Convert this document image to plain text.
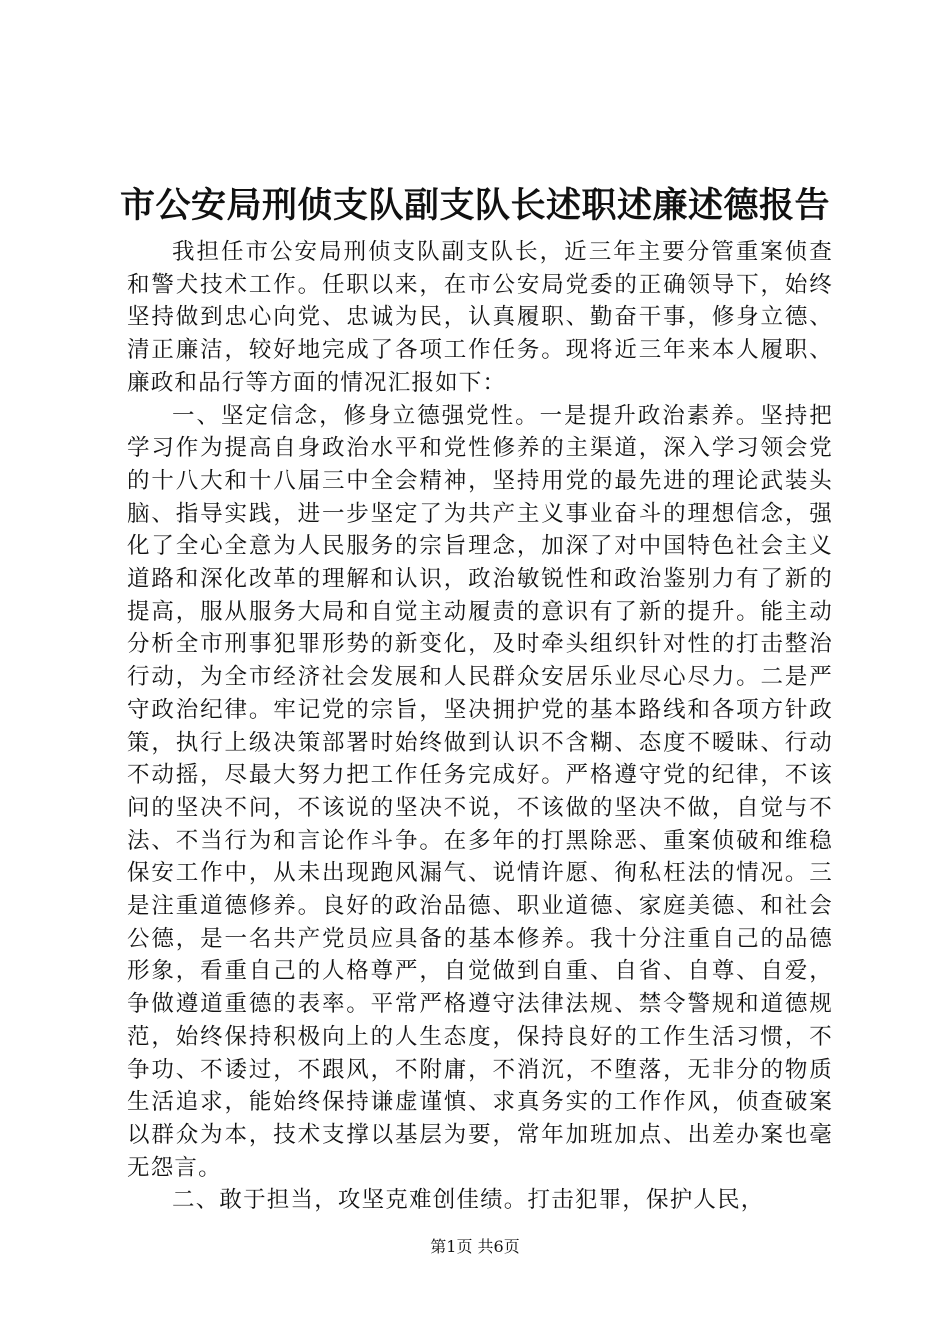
市公安局刑侦支队副支队长述职述廉述德报告

我担任市公安局刑侦支队副支队长，近三年主要分管重案侦查和警犬技术工作。任职以来，在市公安局党委的正确领导下，始终坚持做到忠心向党、忠诚为民，认真履职、勤奋干事，修身立德、清正廉洁，较好地完成了各项工作任务。现将近三年来本人履职、廉政和品行等方面的情况汇报如下：

一、坚定信念，修身立德强党性。一是提升政治素养。坚持把学习作为提高自身政治水平和党性修养的主渠道，深入学习领会党的十八大和十八届三中全会精神，坚持用党的最先进的理论武装头脑、指导实践，进一步坚定了为共产主义事业奋斗的理想信念，强化了全心全意为人民服务的宗旨理念，加深了对中国特色社会主义道路和深化改革的理解和认识，政治敏锐性和政治鉴别力有了新的提高，服从服务大局和自觉主动履责的意识有了新的提升。能主动分析全市刑事犯罪形势的新变化，及时牵头组织针对性的打击整治行动，为全市经济社会发展和人民群众安居乐业尽心尽力。二是严守政治纪律。牢记党的宗旨，坚决拥护党的基本路线和各项方针政策，执行上级决策部署时始终做到认识不含糊、态度不暧昧、行动不动摇，尽最大努力把工作任务完成好。严格遵守党的纪律，不该问的坚决不问，不该说的坚决不说，不该做的坚决不做，自觉与不法、不当行为和言论作斗争。在多年的打黑除恶、重案侦破和维稳保安工作中，从未出现跑风漏气、说情许愿、徇私枉法的情况。三是注重道德修养。良好的政治品德、职业道德、家庭美德、和社会公德，是一名共产党员应具备的基本修养。我十分注重自己的品德形象，看重自己的人格尊严，自觉做到自重、自省、自尊、自爱，争做遵道重德的表率。平常严格遵守法律法规、禁令警规和道德规范，始终保持积极向上的人生态度，保持良好的工作生活习惯，不争功、不诿过，不跟风，不附庸，不消沉，不堕落，无非分的物质生活追求，能始终保持谦虚谨慎、求真务实的工作作风，侦查破案以群众为本，技术支撑以基层为要，常年加班加点、出差办案也毫无怨言。

二、敢于担当，攻坚克难创佳绩。打击犯罪，保护人民，

第1页 共6页
